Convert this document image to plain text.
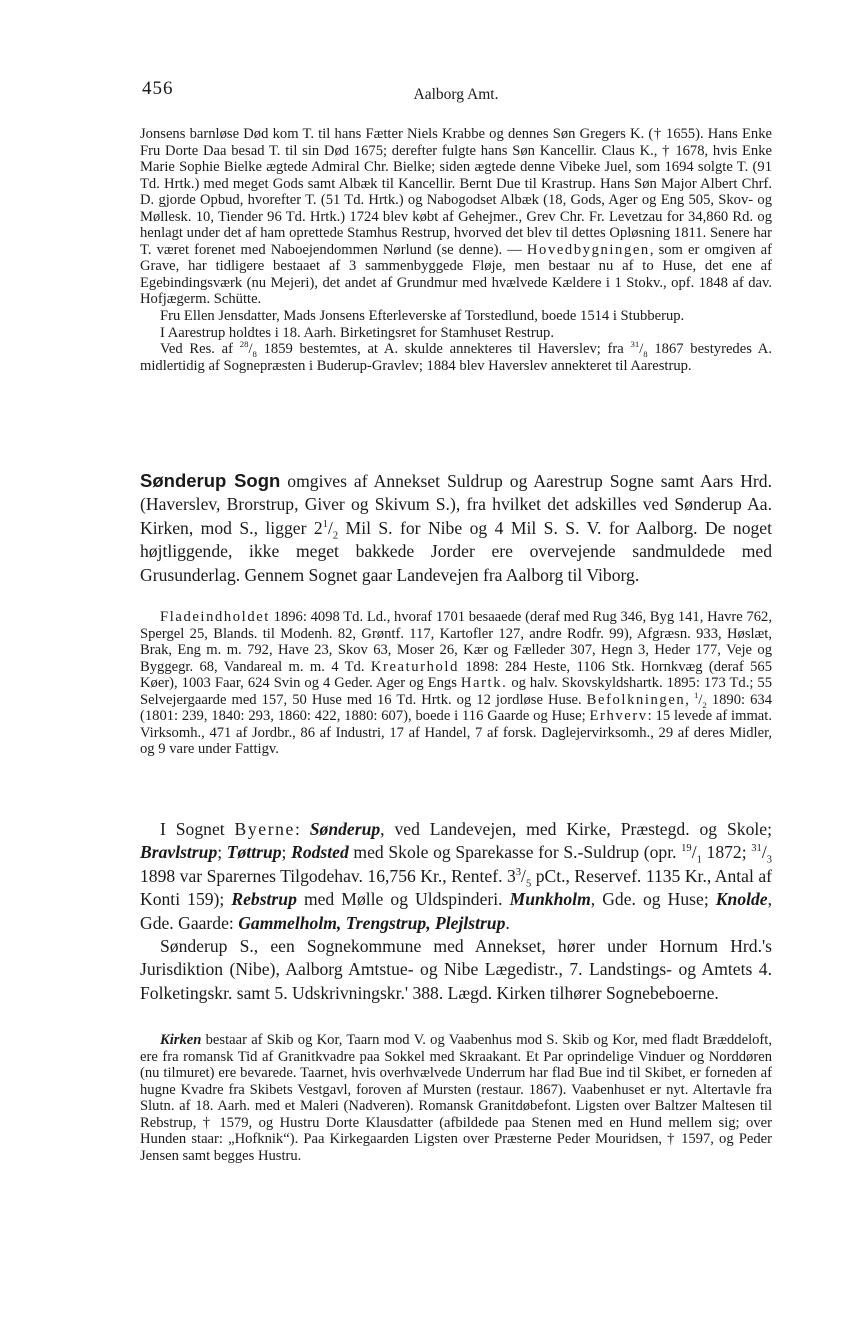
456	Aalborg Amt.

Jonsens barnløse Død kom T. til hans Fætter Niels Krabbe og dennes Søn Gregers K. († 1655). Hans Enke Fru Dorte Daa besad T. til sin Død 1675; derefter fulgte hans Søn Kancellir. Claus K., † 1678, hvis Enke Marie Sophie Bielke ægtede Admiral Chr. Bielke; siden ægtede denne Vibeke Juel, som 1694 solgte T. (91 Td. Hrtk.) med meget Gods samt Albæk til Kancellir. Bernt Due til Krastrup. Hans Søn Major Albert Chrf. D. gjorde Opbud, hvorefter T. (51 Td. Hrtk.) og Nabogodset Albæk (18, Gods, Ager og Eng 505, Skov- og Møllesk. 10, Tiender 96 Td. Hrtk.) 1724 blev købt af Gehejmer., Grev Chr. Fr. Levetzau for 34,860 Rd. og henlagt under det af ham oprettede Stamhus Restrup, hvorved det blev til dettes Opløsning 1811. Senere har T. været forenet med Naboejendommen Nørlund (se denne). — Hovedbygningen, som er omgiven af Grave, har tidligere bestaaet af 3 sammenbyggede Fløje, men bestaar nu af to Huse, det ene af Egebindingsværk (nu Mejeri), det andet af Grundmur med hvælvede Kældere i 1 Stokv., opf. 1848 af dav. Hofjægerm. Schütte.

Fru Ellen Jensdatter, Mads Jonsens Efterleverske af Torstedlund, boede 1514 i Stubberup.

I Aarestrup holdtes i 18. Aarh. Birketingsret for Stamhuset Restrup.

Ved Res. af $^{28}/_8$ 1859 bestemtes, at A. skulde annekteres til Haverslev; fra $^{31}/_8$ 1867 bestyredes A. midlertidig af Sognepræsten i Buderup-Gravlev; 1884 blev Haverslev annekteret til Aarestrup.

Sønderup Sogn omgives af Annekset Suldrup og Aarestrup Sogne samt Aars Hrd. (Haverslev, Brorstrup, Giver og Skivum S.), fra hvilket det adskilles ved Sønderup Aa. Kirken, mod S., ligger $2^1/_2$ Mil S. for Nibe og 4 Mil S. S. V. for Aalborg. De noget højtliggende, ikke meget bakkede Jorder ere overvejende sandmuldede med Grusunderlag. Gennem Sognet gaar Landevejen fra Aalborg til Viborg.

Fladeindholdet 1896: 4098 Td. Ld., hvoraf 1701 besaaede (deraf med Rug 346, Byg 141, Havre 762, Spergel 25, Blands. til Modenh. 82, Grøntf. 117, Kartofler 127, andre Rodfr. 99), Afgræsn. 933, Høslæt, Brak, Eng m. m. 792, Have 23, Skov 63, Moser 26, Kær og Fælleder 307, Hegn 3, Heder 177, Veje og Byggegr. 68, Vandareal m. m. 4 Td. Kreaturhold 1898: 284 Heste, 1106 Stk. Hornkvæg (deraf 565 Køer), 1003 Faar, 624 Svin og 4 Geder. Ager og Engs Hartk. og halv. Skovskyldshartk. 1895: 173 Td.; 55 Selvejergaarde med 157, 50 Huse med 16 Td. Hrtk. og 12 jordløse Huse. Befolkningen, $^1/_2$ 1890: 634 (1801: 239, 1840: 293, 1860: 422, 1880: 607), boede i 116 Gaarde og Huse; Erhverv: 15 levede af immat. Virksomh., 471 af Jordbr., 86 af Industri, 17 af Handel, 7 af forsk. Daglejervirksomh., 29 af deres Midler, og 9 vare under Fattigv.

I Sognet Byerne: Sønderup, ved Landevejen, med Kirke, Præstegd. og Skole; Bravlstrup; Tøttrup; Rodsted med Skole og Sparekasse for S.-Suldrup (opr. $^{19}/_1$ 1872; $^{31}/_3$ 1898 var Sparernes Tilgodehav. 16,756 Kr., Rentef. $3^3/_5$ pCt., Reservef. 1135 Kr., Antal af Konti 159); Rebstrup med Mølle og Uldspinderi. Munkholm, Gde. og Huse; Knolde, Gde. Gaarde: Gammelholm, Trengstrup, Plejlstrup.

Sønderup S., een Sognekommune med Annekset, hører under Hornum Hrd.'s Jurisdiktion (Nibe), Aalborg Amtstue- og Nibe Lægedistr., 7. Landstings- og Amtets 4. Folketingskr. samt 5. Udskrivningskr.' 388. Lægd. Kirken tilhører Sognebeboerne.

Kirken bestaar af Skib og Kor, Taarn mod V. og Vaabenhus mod S. Skib og Kor, med fladt Bræddeloft, ere fra romansk Tid af Granitkvadre paa Sokkel med Skraakant. Et Par oprindelige Vinduer og Norddøren (nu tilmuret) ere bevarede. Taarnet, hvis overhvælvede Underrum har flad Bue ind til Skibet, er forneden af hugne Kvadre fra Skibets Vestgavl, foroven af Mursten (restaur. 1867). Vaabenhuset er nyt. Altertavle fra Slutn. af 18. Aarh. med et Maleri (Nadveren). Romansk Granitdøbefont. Ligsten over Baltzer Maltesen til Rebstrup, † 1579, og Hustru Dorte Klausdatter (afbildede paa Stenen med en Hund mellem sig; over Hunden staar: „Hofknik“). Paa Kirkegaarden Ligsten over Præsterne Peder Mouridsen, † 1597, og Peder Jensen samt begges Hustru.
